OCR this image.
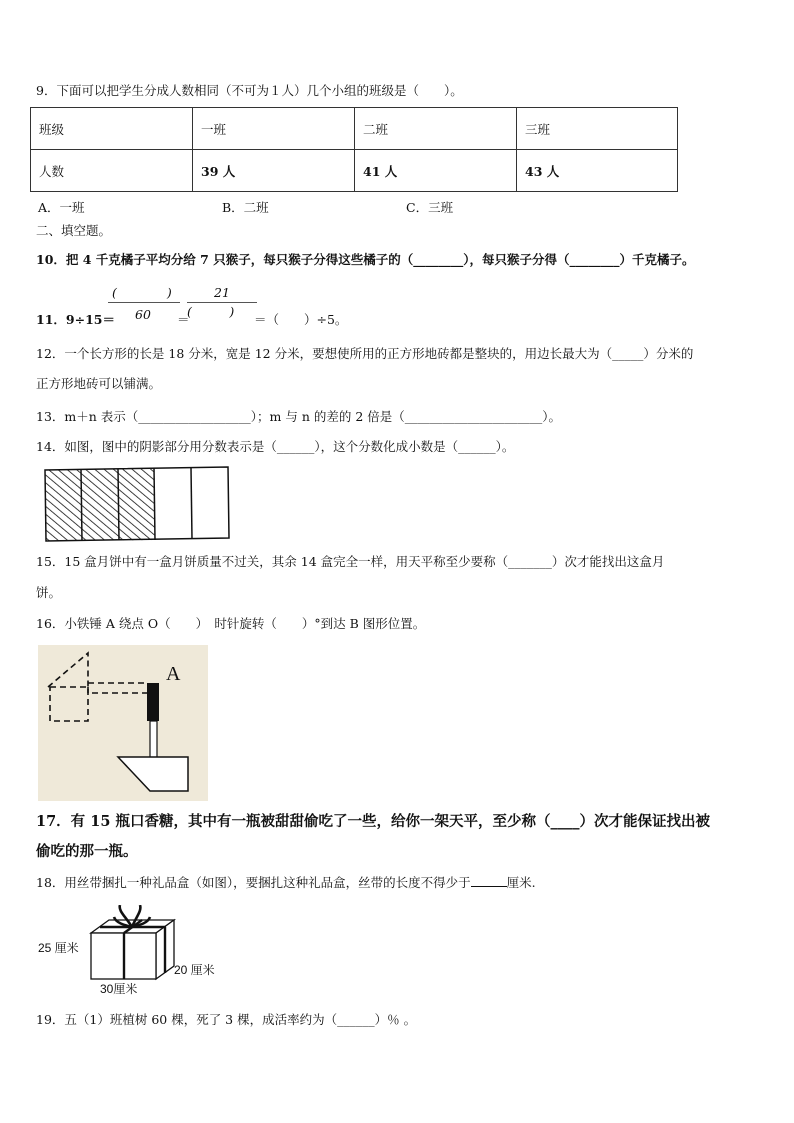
9．下面可以把学生分成人数相同（不可为１人）几个小组的班级是（　　）。
班级	一班	二班	三班
人数	39 人	41 人	43 人
A．一班	B．二班	C．三班
二、填空题。
10．把 4 千克橘子平均分给 7 只猴子，每只猴子分得这些橘子的（________），每只猴子分得（________）千克橘子。
11．9÷15＝
(　　　　)
60 ＝
21
(　　　)
＝（　　）÷5。
12．一个长方形的长是 18 分米，宽是 12 分米，要想使所用的正方形地砖都是整块的，用边长最大为（_____）分米的
正方形地砖可以铺满。
13．m＋n 表示（__________________）；m 与 n 的差的 2 倍是（______________________）。
14．如图，图中的阴影部分用分数表示是（______），这个分数化成小数是（______）。
15．15 盒月饼中有一盒月饼质量不过关，其余 14 盒完全一样，用天平称至少要称（_______）次才能找出这盒月
饼。
16．小铁锤 A 绕点 O（　　）　时针旋转（　　）°到达 B 图形位置。
A
17．有 15 瓶口香糖，其中有一瓶被甜甜偷吃了一些，给你一架天平，至少称（____）次才能保证找出被
偷吃的那一瓶。
18．用丝带捆扎一种礼品盒（如图），要捆扎这种礼品盒，丝带的长度不得少于	厘米.
25 厘米
20 厘米
30厘米
19．五（1）班植树 60 棵，死了 3 棵，成活率约为（______）％ 。
